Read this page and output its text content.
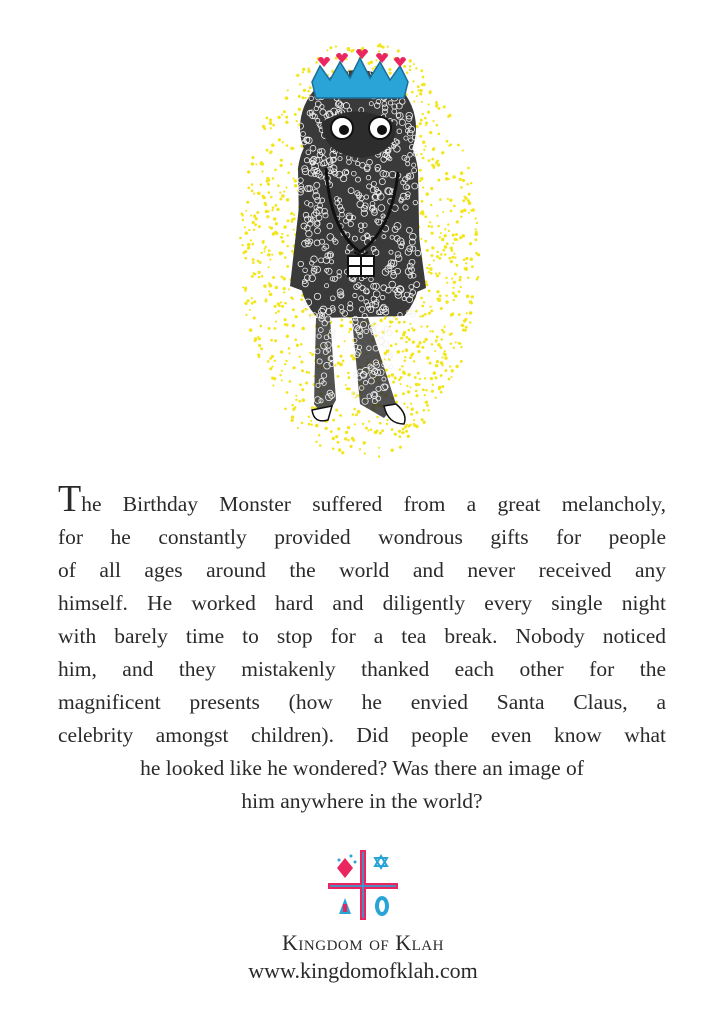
The Birthday Monster suffered from a great melancholy,
for he constantly provided wondrous gifts for people
of all ages around the world and never received any
himself. He worked hard and diligently every single night
with barely time to stop for a tea break. Nobody noticed
him, and they mistakenly thanked each other for the
magnificent presents (how he envied Santa Claus, a
celebrity amongst children). Did people even know what
he looked like he wondered? Was there an image of
him anywhere in the world?
Kingdom of Klah
www.kingdomofklah.com
